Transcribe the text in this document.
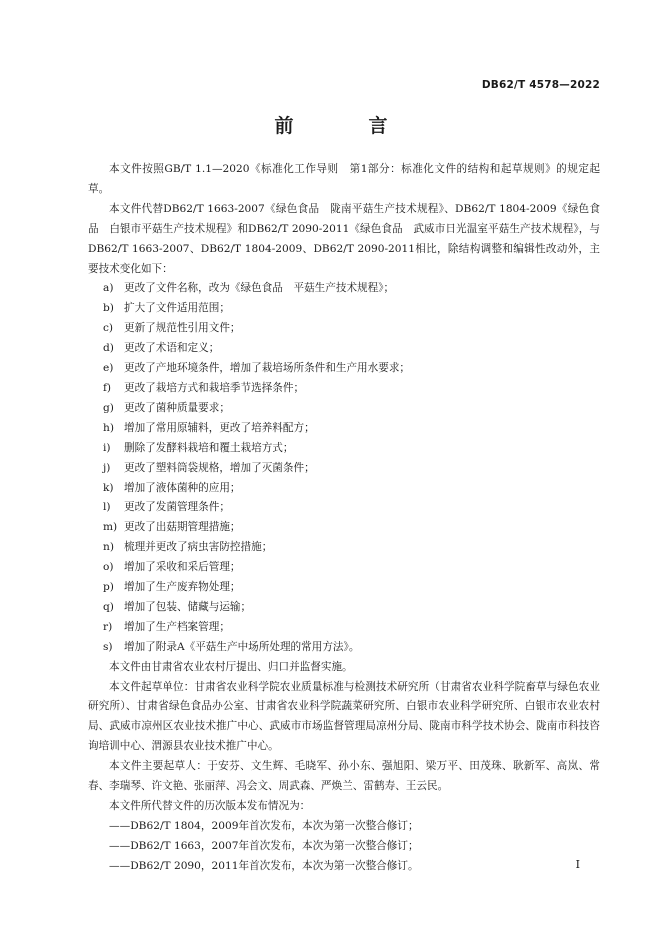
DB62/T 4578—2022
前　言

本文件按照GB/T 1.1—2020《标准化工作导则　第1部分：标准化文件的结构和起草规则》的规定起草。

本文件代替DB62/T 1663-2007《绿色食品　陇南平菇生产技术规程》、DB62/T 1804-2009《绿色食品　白银市平菇生产技术规程》和DB62/T 2090-2011《绿色食品　武威市日光温室平菇生产技术规程》，与DB62/T 1663-2007、DB62/T 1804-2009、DB62/T 2090-2011相比，除结构调整和编辑性改动外，主要技术变化如下：

a) 更改了文件名称，改为《绿色食品　平菇生产技术规程》；
b) 扩大了文件适用范围；
c) 更新了规范性引用文件；
d) 更改了术语和定义；
e) 更改了产地环境条件，增加了栽培场所条件和生产用水要求；
f) 更改了栽培方式和栽培季节选择条件；
g) 更改了菌种质量要求；
h) 增加了常用原辅料，更改了培养料配方；
i) 删除了发酵料栽培和覆土栽培方式；
j) 更改了塑料筒袋规格，增加了灭菌条件；
k) 增加了液体菌种的应用；
l) 更改了发菌管理条件；
m) 更改了出菇期管理措施；
n) 梳理并更改了病虫害防控措施；
o) 增加了采收和采后管理；
p) 增加了生产废弃物处理；
q) 增加了包装、储藏与运输；
r) 增加了生产档案管理；
s) 增加了附录A《平菇生产中场所处理的常用方法》。

本文件由甘肃省农业农村厅提出、归口并监督实施。

本文件起草单位：甘肃省农业科学院农业质量标准与检测技术研究所（甘肃省农业科学院畜草与绿色农业研究所）、甘肃省绿色食品办公室、甘肃省农业科学院蔬菜研究所、白银市农业科学研究所、白银市农业农村局、武威市凉州区农业技术推广中心、武威市市场监督管理局凉州分局、陇南市科学技术协会、陇南市科技咨询培训中心、渭源县农业技术推广中心。

本文件主要起草人：于安芬、文生辉、毛晓军、孙小东、强旭阳、梁万平、田茂珠、耿新军、高岚、常春、李瑞琴、许文艳、张丽萍、冯会文、周武森、严焕兰、雷鹤寿、王云民。

本文件所代替文件的历次版本发布情况为：

——DB62/T 1804，2009年首次发布，本次为第一次整合修订；
——DB62/T 1663，2007年首次发布，本次为第一次整合修订；
——DB62/T 2090，2011年首次发布，本次为第一次整合修订。	I
